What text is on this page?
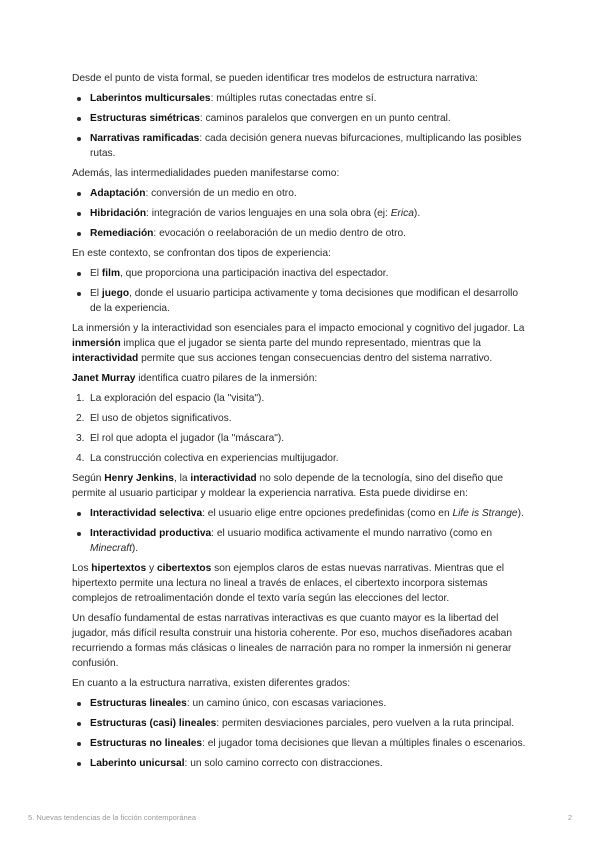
Desde el punto de vista formal, se pueden identificar tres modelos de estructura narrativa:

Laberintos multicursales: múltiples rutas conectadas entre sí.
Estructuras simétricas: caminos paralelos que convergen en un punto central.
Narrativas ramificadas: cada decisión genera nuevas bifurcaciones, multiplicando las posibles rutas.

Además, las intermedialidades pueden manifestarse como:

Adaptación: conversión de un medio en otro.
Hibridación: integración de varios lenguajes en una sola obra (ej: Erica).
Remediación: evocación o reelaboración de un medio dentro de otro.

En este contexto, se confrontan dos tipos de experiencia:

El film, que proporciona una participación inactiva del espectador.
El juego, donde el usuario participa activamente y toma decisiones que modifican el desarrollo de la experiencia.

La inmersión y la interactividad son esenciales para el impacto emocional y cognitivo del jugador. La inmersión implica que el jugador se sienta parte del mundo representado, mientras que la interactividad permite que sus acciones tengan consecuencias dentro del sistema narrativo.

Janet Murray identifica cuatro pilares de la inmersión:

1. La exploración del espacio (la "visita").
2. El uso de objetos significativos.
3. El rol que adopta el jugador (la "máscara").
4. La construcción colectiva en experiencias multijugador.

Según Henry Jenkins, la interactividad no solo depende de la tecnología, sino del diseño que permite al usuario participar y moldear la experiencia narrativa. Esta puede dividirse en:

Interactividad selectiva: el usuario elige entre opciones predefinidas (como en Life is Strange).
Interactividad productiva: el usuario modifica activamente el mundo narrativo (como en Minecraft).

Los hipertextos y cibertextos son ejemplos claros de estas nuevas narrativas. Mientras que el hipertexto permite una lectura no lineal a través de enlaces, el cibertexto incorpora sistemas complejos de retroalimentación donde el texto varía según las elecciones del lector.

Un desafío fundamental de estas narrativas interactivas es que cuanto mayor es la libertad del jugador, más difícil resulta construir una historia coherente. Por eso, muchos diseñadores acaban recurriendo a formas más clásicas o lineales de narración para no romper la inmersión ni generar confusión.

En cuanto a la estructura narrativa, existen diferentes grados:

Estructuras lineales: un camino único, con escasas variaciones.
Estructuras (casi) lineales: permiten desviaciones parciales, pero vuelven a la ruta principal.
Estructuras no lineales: el jugador toma decisiones que llevan a múltiples finales o escenarios.
Laberinto unicursal: un solo camino correcto con distracciones.
5. Nuevas tendencias de la ficción contemporánea	2
